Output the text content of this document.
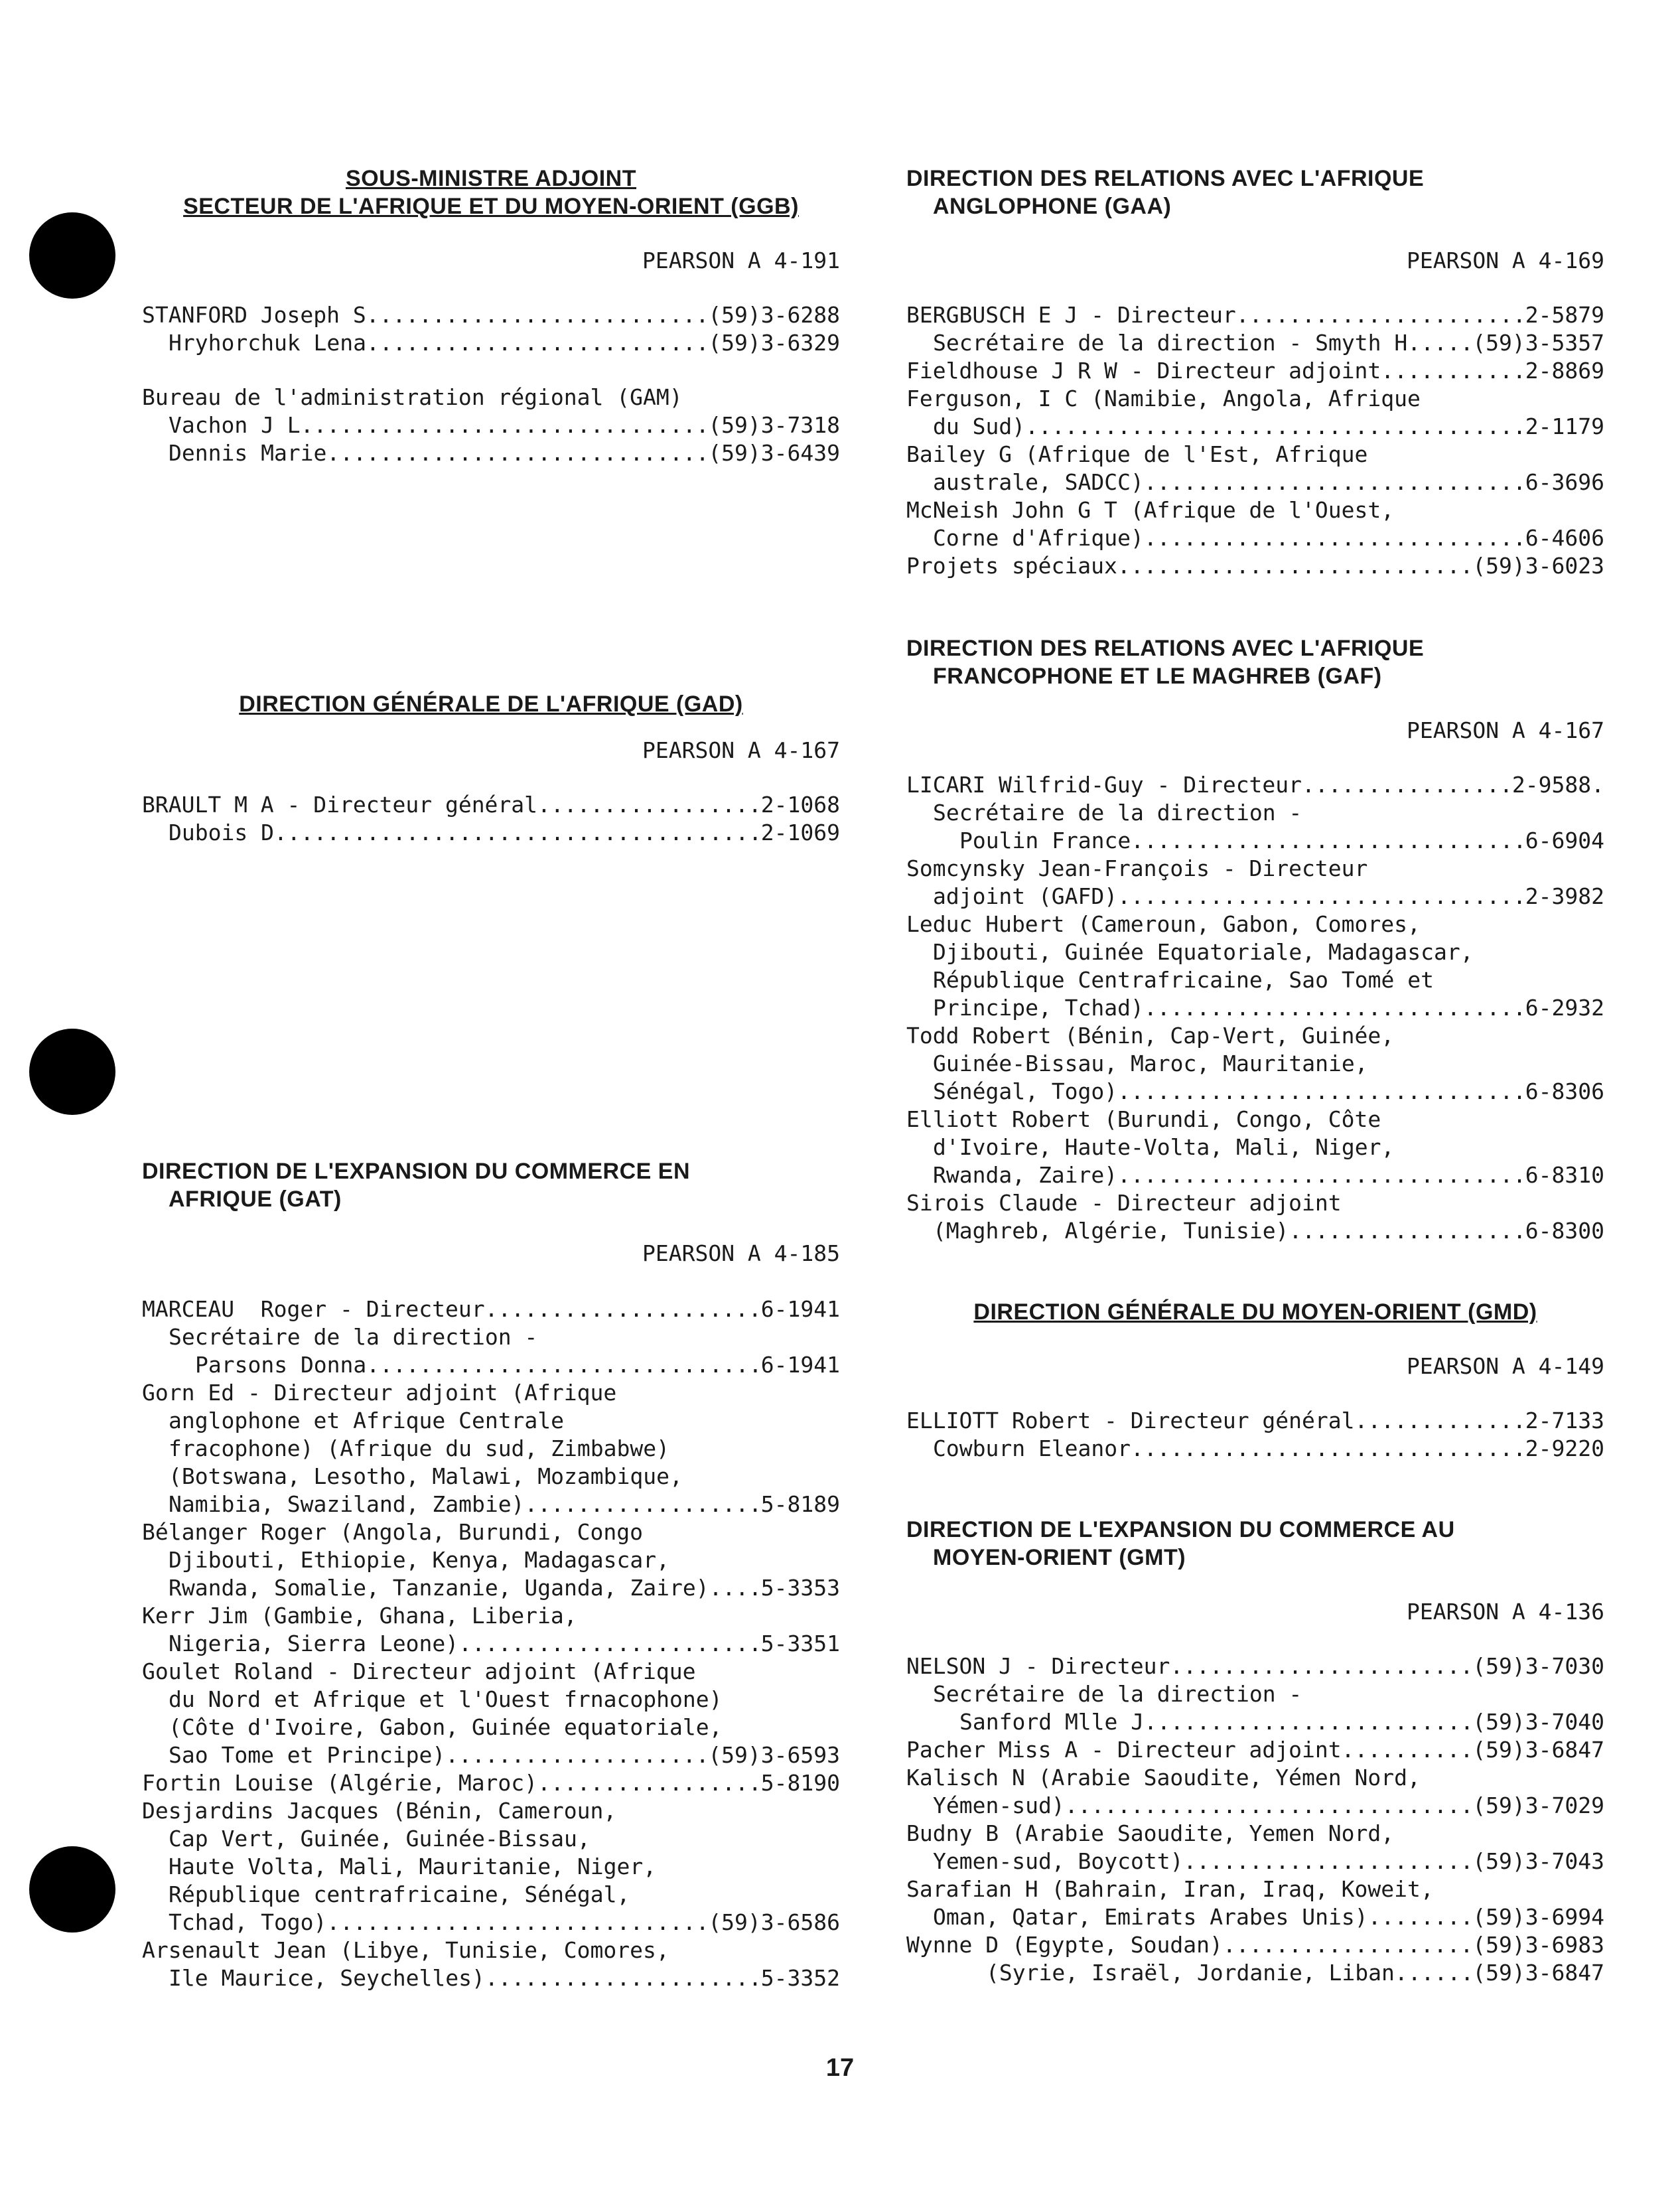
SOUS-MINISTRE ADJOINT
SECTEUR DE L'AFRIQUE ET DU MOYEN-ORIENT (GGB)
PEARSON A 4-191
STANFORD Joseph S .....	(59)3-6288
Hryhorchuk Lena .....	(59)3-6329
Bureau de l'administration régional (GAM)
Vachon J L .....	(59)3-7318
Dennis Marie .....	(59)3-6439
DIRECTION GÉNÉRALE DE L'AFRIQUE (GAD)
PEARSON A 4-167
BRAULT M A - Directeur général .....	2-1068
Dubois D .....	2-1069
DIRECTION DE L'EXPANSION DU COMMERCE EN
AFRIQUE (GAT)
PEARSON A 4-185
MARCEAU  Roger - Directeur .....	6-1941
Secrétaire de la direction -
Parsons Donna .....	6-1941
Gorn Ed - Directeur adjoint (Afrique
anglophone et Afrique Centrale
fracophone) (Afrique du sud, Zimbabwe)
(Botswana, Lesotho, Malawi, Mozambique,
Namibia, Swaziland, Zambie) .....	5-8189
Bélanger Roger (Angola, Burundi, Congo
Djibouti, Ethiopie, Kenya, Madagascar,
Rwanda, Somalie, Tanzanie, Uganda, Zaire) ..... 5-3353
Kerr Jim (Gambie, Ghana, Liberia,
Nigeria, Sierra Leone) .....	5-3351
Goulet Roland - Directeur adjoint (Afrique
du Nord et Afrique et l'Ouest frnacophone)
(Côte d'Ivoire, Gabon, Guinée equatoriale,
Sao Tome et Principe) .....	(59)3-6593
Fortin Louise (Algérie, Maroc) .....	5-8190
Desjardins Jacques (Bénin, Cameroun,
Cap Vert, Guinée, Guinée-Bissau,
Haute Volta, Mali, Mauritanie, Niger,
République centrafricaine, Sénégal,
Tchad, Togo) .....	(59)3-6586
Arsenault Jean (Libye, Tunisie, Comores,
Ile Maurice, Seychelles) .....	5-3352
DIRECTION DES RELATIONS AVEC L'AFRIQUE
ANGLOPHONE (GAA)
PEARSON A 4-169
BERGBUSCH E J - Directeur .....	2-5879
Secrétaire de la direction - Smyth H .....	(59)3-5357
Fieldhouse J R W - Directeur adjoint .....	2-8869
Ferguson, I C (Namibie, Angola, Afrique
du Sud) .....	2-1179
Bailey G (Afrique de l'Est, Afrique
australe, SADCC) .....	6-3696
McNeish John G T (Afrique de l'Ouest,
Corne d'Afrique) .....	6-4606
Projets spéciaux .....	(59)3-6023
DIRECTION DES RELATIONS AVEC L'AFRIQUE
FRANCOPHONE ET LE MAGHREB (GAF)
PEARSON A 4-167
LICARI Wilfrid-Guy - Directeur .....	2-9588.
Secrétaire de la direction -
Poulin France .....	6-6904
Somcynsky Jean-François - Directeur
adjoint (GAFD) .....	2-3982
Leduc Hubert (Cameroun, Gabon, Comores,
Djibouti, Guinée Equatoriale, Madagascar,
République Centrafricaine, Sao Tomé et
Principe, Tchad) .....	6-2932
Todd Robert (Bénin, Cap-Vert, Guinée,
Guinée-Bissau, Maroc, Mauritanie,
Sénégal, Togo) .....	6-8306
Elliott Robert (Burundi, Congo, Côte
d'Ivoire, Haute-Volta, Mali, Niger,
Rwanda, Zaire) .....	6-8310
Sirois Claude - Directeur adjoint
(Maghreb, Algérie, Tunisie) .....	6-8300
DIRECTION GÉNÉRALE DU MOYEN-ORIENT (GMD)
PEARSON A 4-149
ELLIOTT Robert - Directeur général .....	2-7133
Cowburn Eleanor .....	2-9220
DIRECTION DE L'EXPANSION DU COMMERCE AU
MOYEN-ORIENT (GMT)
PEARSON A 4-136
NELSON J - Directeur .....	(59)3-7030
Secrétaire de la direction -
Sanford Mlle J .....	(59)3-7040
Pacher Miss A - Directeur adjoint .....	(59)3-6847
Kalisch N (Arabie Saoudite, Yémen Nord,
Yémen-sud) .....	(59)3-7029
Budny B (Arabie Saoudite, Yemen Nord,
Yemen-sud, Boycott) .....	(59)3-7043
Sarafian H (Bahrain, Iran, Iraq, Koweit,
Oman, Qatar, Emirats Arabes Unis) .....	(59)3-6994
Wynne D (Egypte, Soudan) .....	(59)3-6983
(Syrie, Israël, Jordanie, Liban .....	(59)3-6847
17
